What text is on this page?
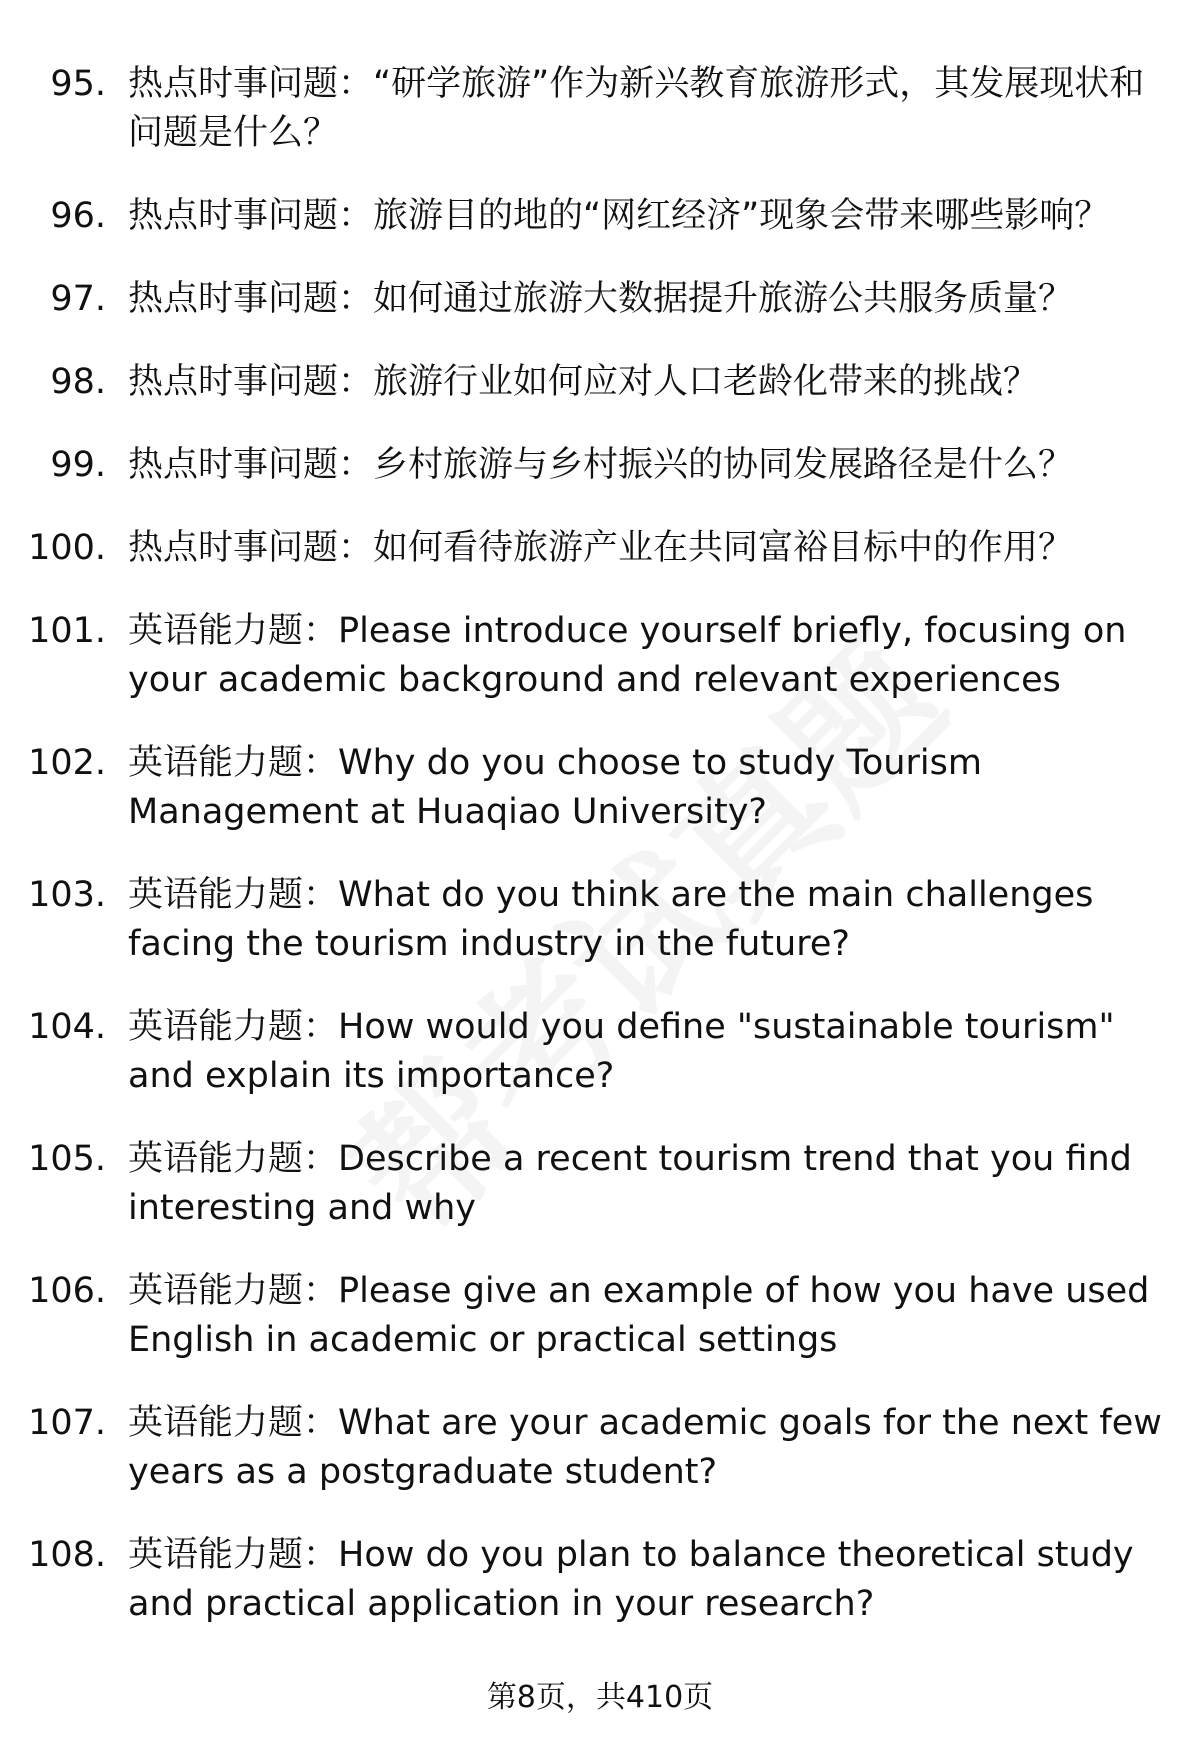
95. 热点时事问题：“研学旅游”作为新兴教育旅游形式，其发展现状和问题是什么？
96. 热点时事问题：旅游目的地的“网红经济”现象会带来哪些影响？
97. 热点时事问题：如何通过旅游大数据提升旅游公共服务质量？
98. 热点时事问题：旅游行业如何应对人口老龄化带来的挑战？
99. 热点时事问题：乡村旅游与乡村振兴的协同发展路径是什么？
100. 热点时事问题：如何看待旅游产业在共同富裕目标中的作用？
101. 英语能力题：Please introduce yourself briefly, focusing on your academic background and relevant experiences
102. 英语能力题：Why do you choose to study Tourism Management at Huaqiao University?
103. 英语能力题：What do you think are the main challenges facing the tourism industry in the future?
104. 英语能力题：How would you define "sustainable tourism" and explain its importance?
105. 英语能力题：Describe a recent tourism trend that you find interesting and why
106. 英语能力题：Please give an example of how you have used English in academic or practical settings
107. 英语能力题：What are your academic goals for the next few years as a postgraduate student?
108. 英语能力题：How do you plan to balance theoretical study and practical application in your research?
第8页，共410页
